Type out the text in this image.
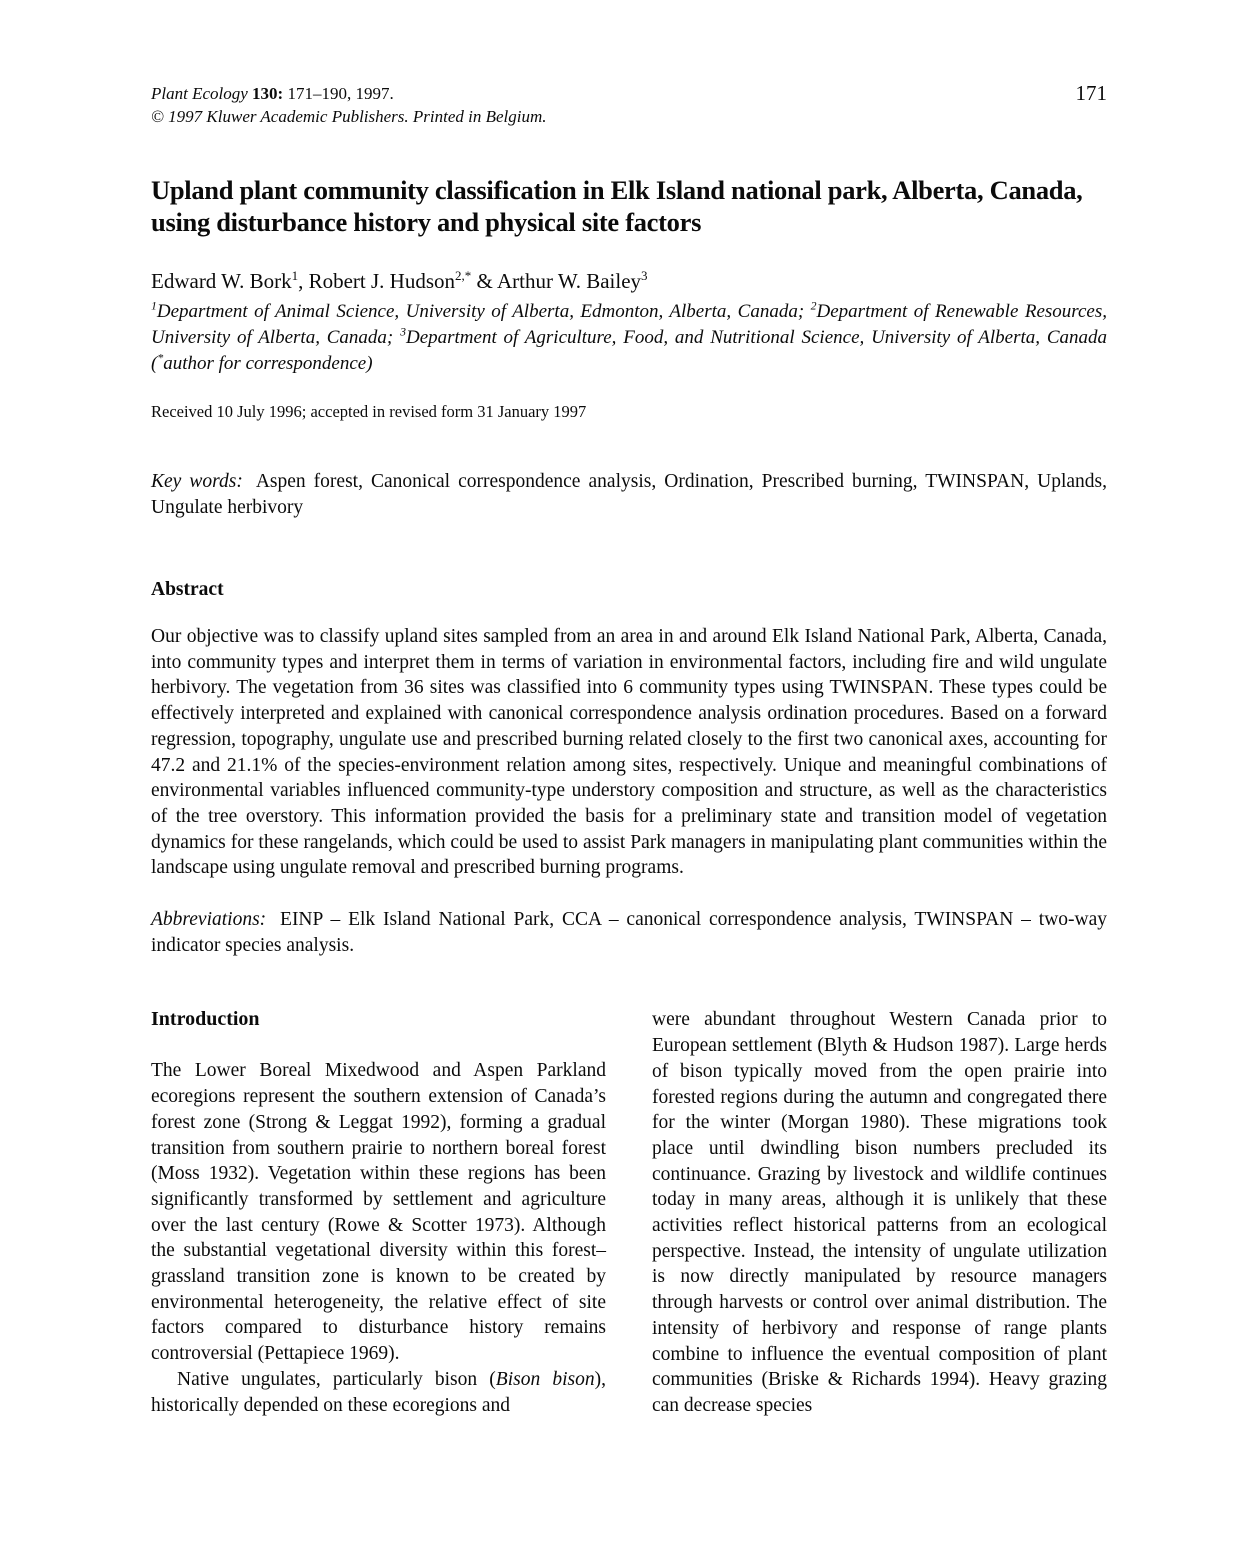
Plant Ecology 130: 171–190, 1997.
© 1997 Kluwer Academic Publishers. Printed in Belgium.
171
Upland plant community classification in Elk Island national park, Alberta, Canada, using disturbance history and physical site factors
Edward W. Bork$^1$, Robert J. Hudson$^{2,*}$ & Arthur W. Bailey$^3$
$^1$Department of Animal Science, University of Alberta, Edmonton, Alberta, Canada; $^2$Department of Renewable Resources, University of Alberta, Canada; $^3$Department of Agriculture, Food, and Nutritional Science, University of Alberta, Canada (*author for correspondence)
Received 10 July 1996; accepted in revised form 31 January 1997
Key words: Aspen forest, Canonical correspondence analysis, Ordination, Prescribed burning, TWINSPAN, Uplands, Ungulate herbivory
Abstract

Our objective was to classify upland sites sampled from an area in and around Elk Island National Park, Alberta, Canada, into community types and interpret them in terms of variation in environmental factors, including fire and wild ungulate herbivory. The vegetation from 36 sites was classified into 6 community types using TWINSPAN. These types could be effectively interpreted and explained with canonical correspondence analysis ordination procedures. Based on a forward regression, topography, ungulate use and prescribed burning related closely to the first two canonical axes, accounting for 47.2 and 21.1% of the species-environment relation among sites, respectively. Unique and meaningful combinations of environmental variables influenced community-type understory composition and structure, as well as the characteristics of the tree overstory. This information provided the basis for a preliminary state and transition model of vegetation dynamics for these rangelands, which could be used to assist Park managers in manipulating plant communities within the landscape using ungulate removal and prescribed burning programs.

Abbreviations: EINP – Elk Island National Park, CCA – canonical correspondence analysis, TWINSPAN – two-way indicator species analysis.

Introduction

The Lower Boreal Mixedwood and Aspen Parkland ecoregions represent the southern extension of Canada’s forest zone (Strong & Leggat 1992), forming a gradual transition from southern prairie to northern boreal forest (Moss 1932). Vegetation within these regions has been significantly transformed by settlement and agriculture over the last century (Rowe & Scotter 1973). Although the substantial vegetational diversity within this forest–grassland transition zone is known to be created by environmental heterogeneity, the relative effect of site factors compared to disturbance history remains controversial (Pettapiece 1969).

Native ungulates, particularly bison (Bison bison), historically depended on these ecoregions and

were abundant throughout Western Canada prior to European settlement (Blyth & Hudson 1987). Large herds of bison typically moved from the open prairie into forested regions during the autumn and congregated there for the winter (Morgan 1980). These migrations took place until dwindling bison numbers precluded its continuance. Grazing by livestock and wildlife continues today in many areas, although it is unlikely that these activities reflect historical patterns from an ecological perspective. Instead, the intensity of ungulate utilization is now directly manipulated by resource managers through harvests or control over animal distribution. The intensity of herbivory and response of range plants combine to influence the eventual composition of plant communities (Briske & Richards 1994). Heavy grazing can decrease species
